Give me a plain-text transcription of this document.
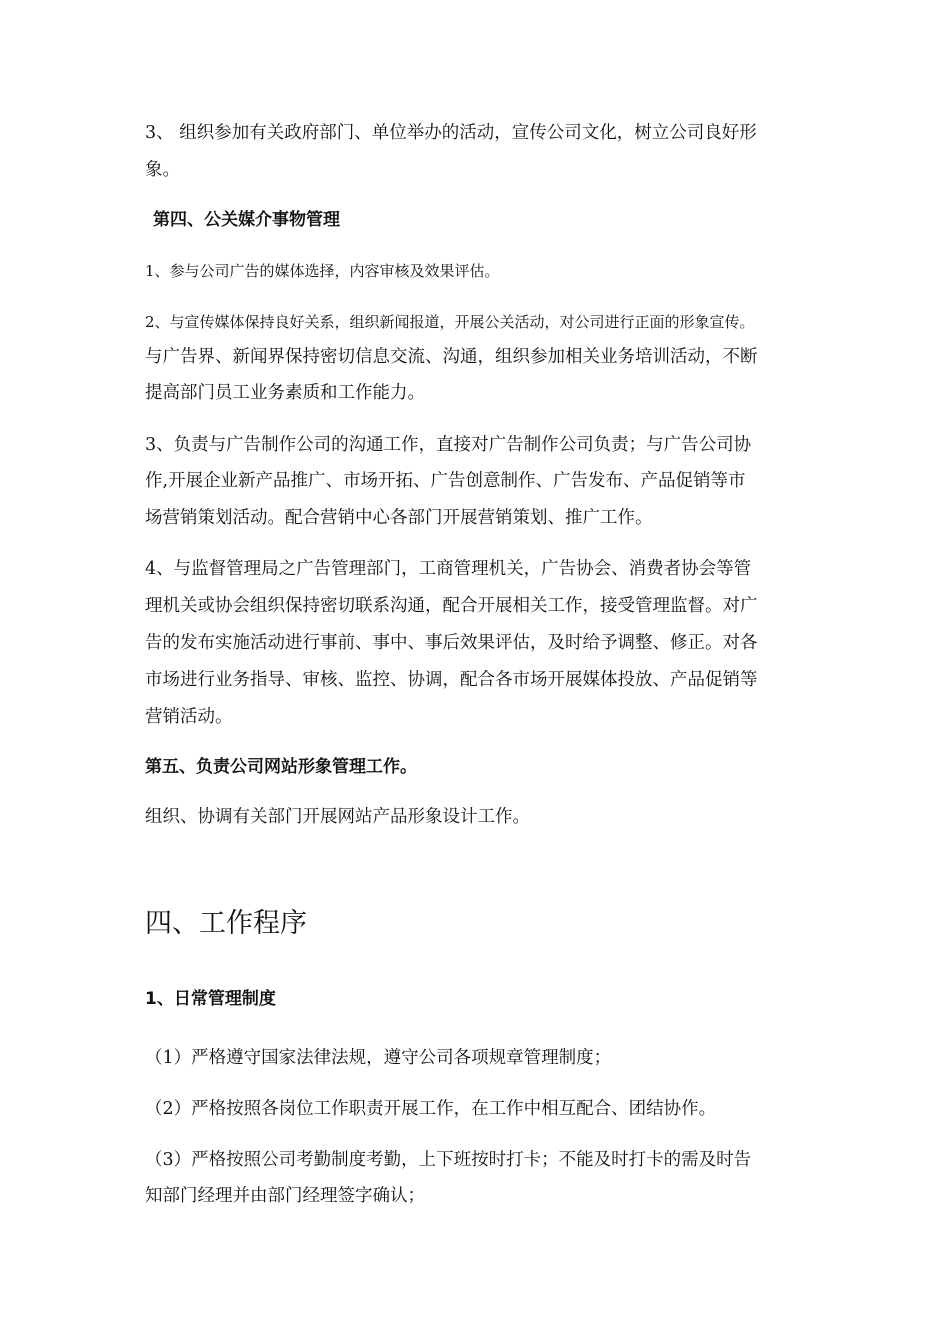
3、 组织参加有关政府部门、单位举办的活动，宣传公司文化，树立公司良好形

象。

第四、公关媒介事物管理

1、参与公司广告的媒体选择，内容审核及效果评估。

2、与宣传媒体保持良好关系，组织新闻报道，开展公关活动，对公司进行正面的形象宣传。

与广告界、新闻界保持密切信息交流、沟通，组织参加相关业务培训活动，不断

提高部门员工业务素质和工作能力。

3、负责与广告制作公司的沟通工作，直接对广告制作公司负责；与广告公司协

作,开展企业新产品推广、市场开拓、广告创意制作、广告发布、产品促销等市

场营销策划活动。配合营销中心各部门开展营销策划、推广工作。

4、与监督管理局之广告管理部门，工商管理机关，广告协会、消费者协会等管

理机关或协会组织保持密切联系沟通，配合开展相关工作，接受管理监督。对广

告的发布实施活动进行事前、事中、事后效果评估，及时给予调整、修正。对各

市场进行业务指导、审核、监控、协调，配合各市场开展媒体投放、产品促销等

营销活动。

第五、负责公司网站形象管理工作。

组织、协调有关部门开展网站产品形象设计工作。

四、工作程序

1、日常管理制度

（1）严格遵守国家法律法规，遵守公司各项规章管理制度；

（2）严格按照各岗位工作职责开展工作，在工作中相互配合、团结协作。

（3）严格按照公司考勤制度考勤，上下班按时打卡；不能及时打卡的需及时告

知部门经理并由部门经理签字确认；
